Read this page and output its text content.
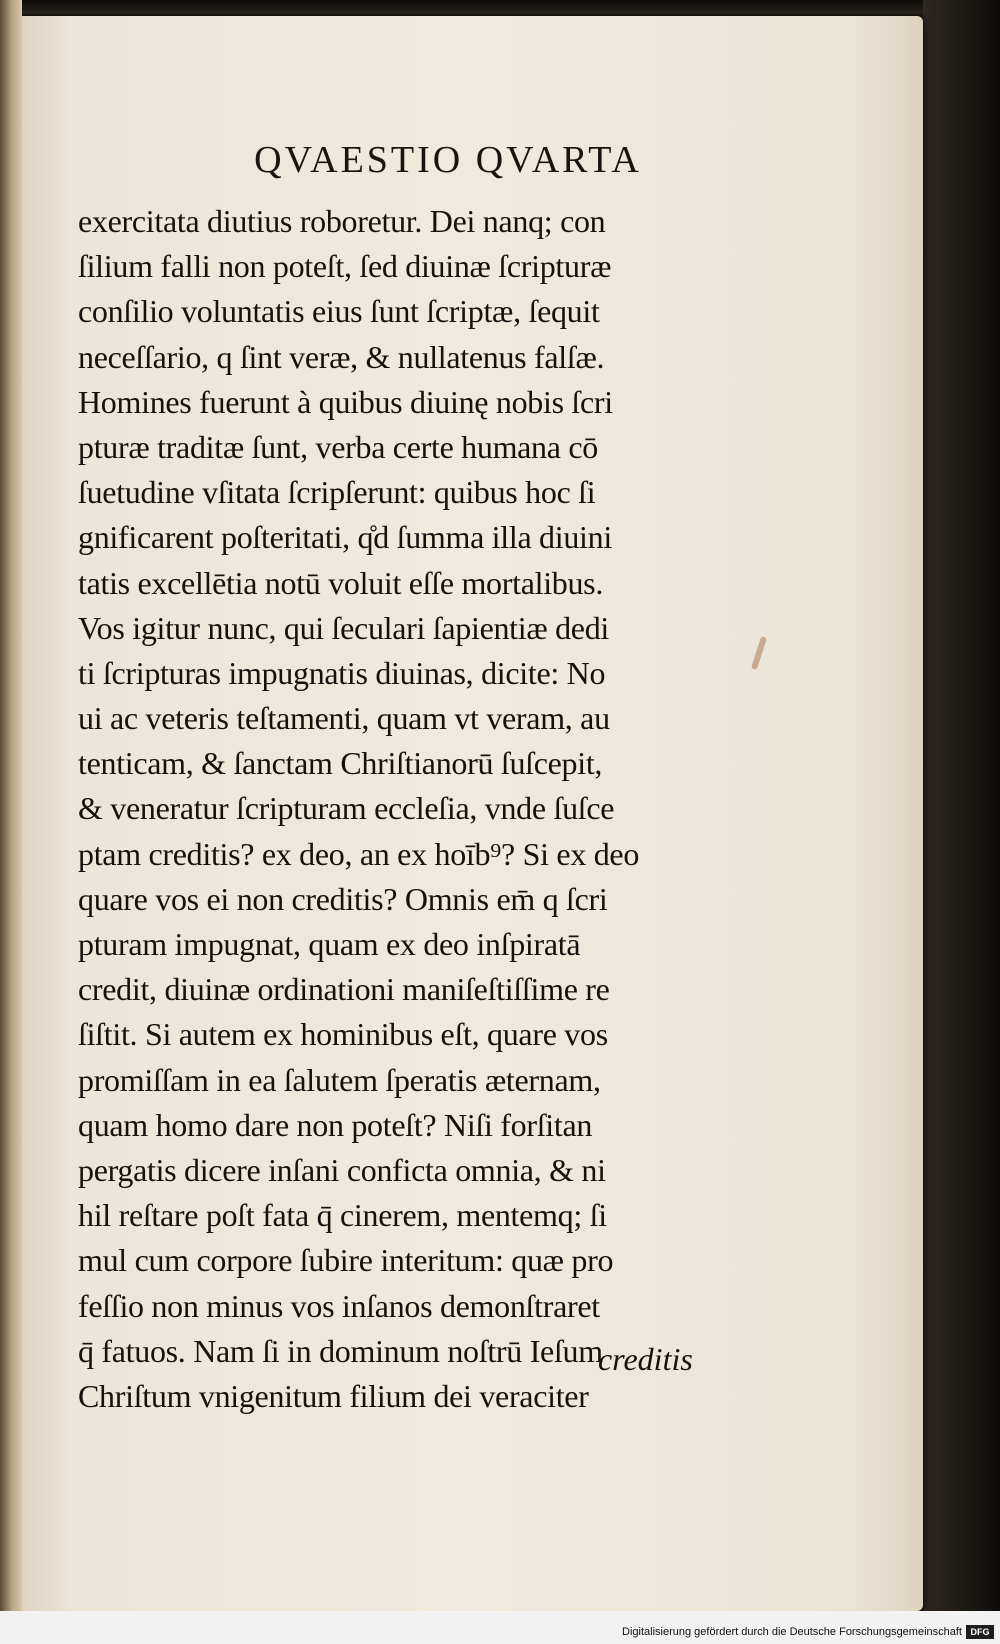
QVAESTIO QVARTA
exercitata diutius roboretur. Dei nanq; con
ſilium falli non poteſt, ſed diuinæ ſcripturæ
conſilio voluntatis eius ſunt ſcriptæ, ſequit
neceſſario, q ſint veræ, & nullatenus falſæ.
Homines fuerunt à quibus diuinę nobis ſcri
pturæ traditæ ſunt, verba certe humana cō
ſuetudine vſitata ſcripſerunt: quibus hoc ſi
gnificarent poſteritati, q̊d ſumma illa diuini
tatis excellētia notū voluit eſſe mortalibus.
Vos igitur nunc, qui ſeculari ſapientiæ dedi
ti ſcripturas impugnatis diuinas, dicite: No
ui ac veteris teſtamenti, quam vt veram, au
tenticam, & ſanctam Chriſtianorū ſuſcepit,
& veneratur ſcripturam eccleſia, vnde ſuſce
ptam creditis? ex deo, an ex hoīb⁹? Si ex deo
quare vos ei non creditis? Omnis em̄ q ſcri
pturam impugnat, quam ex deo inſpiratā
credit, diuinæ ordinationi maniſeſtiſſime re
ſiſtit. Si autem ex hominibus eſt, quare vos
promiſſam in ea ſalutem ſperatis æternam,
quam homo dare non poteſt? Niſi forſitan
pergatis dicere inſani conficta omnia, & ni
hil reſtare poſt fata q̄ cinerem, mentemq; ſi
mul cum corpore ſubire interitum: quæ pro
feſſio non minus vos inſanos demonſtraret
q̄ fatuos. Nam ſi in dominum noſtrū Ieſum
Chriſtum vnigenitum filium dei veraciter
creditis
Digitalisierung gefördert durch die Deutsche Forschungsgemeinschaft DFG
